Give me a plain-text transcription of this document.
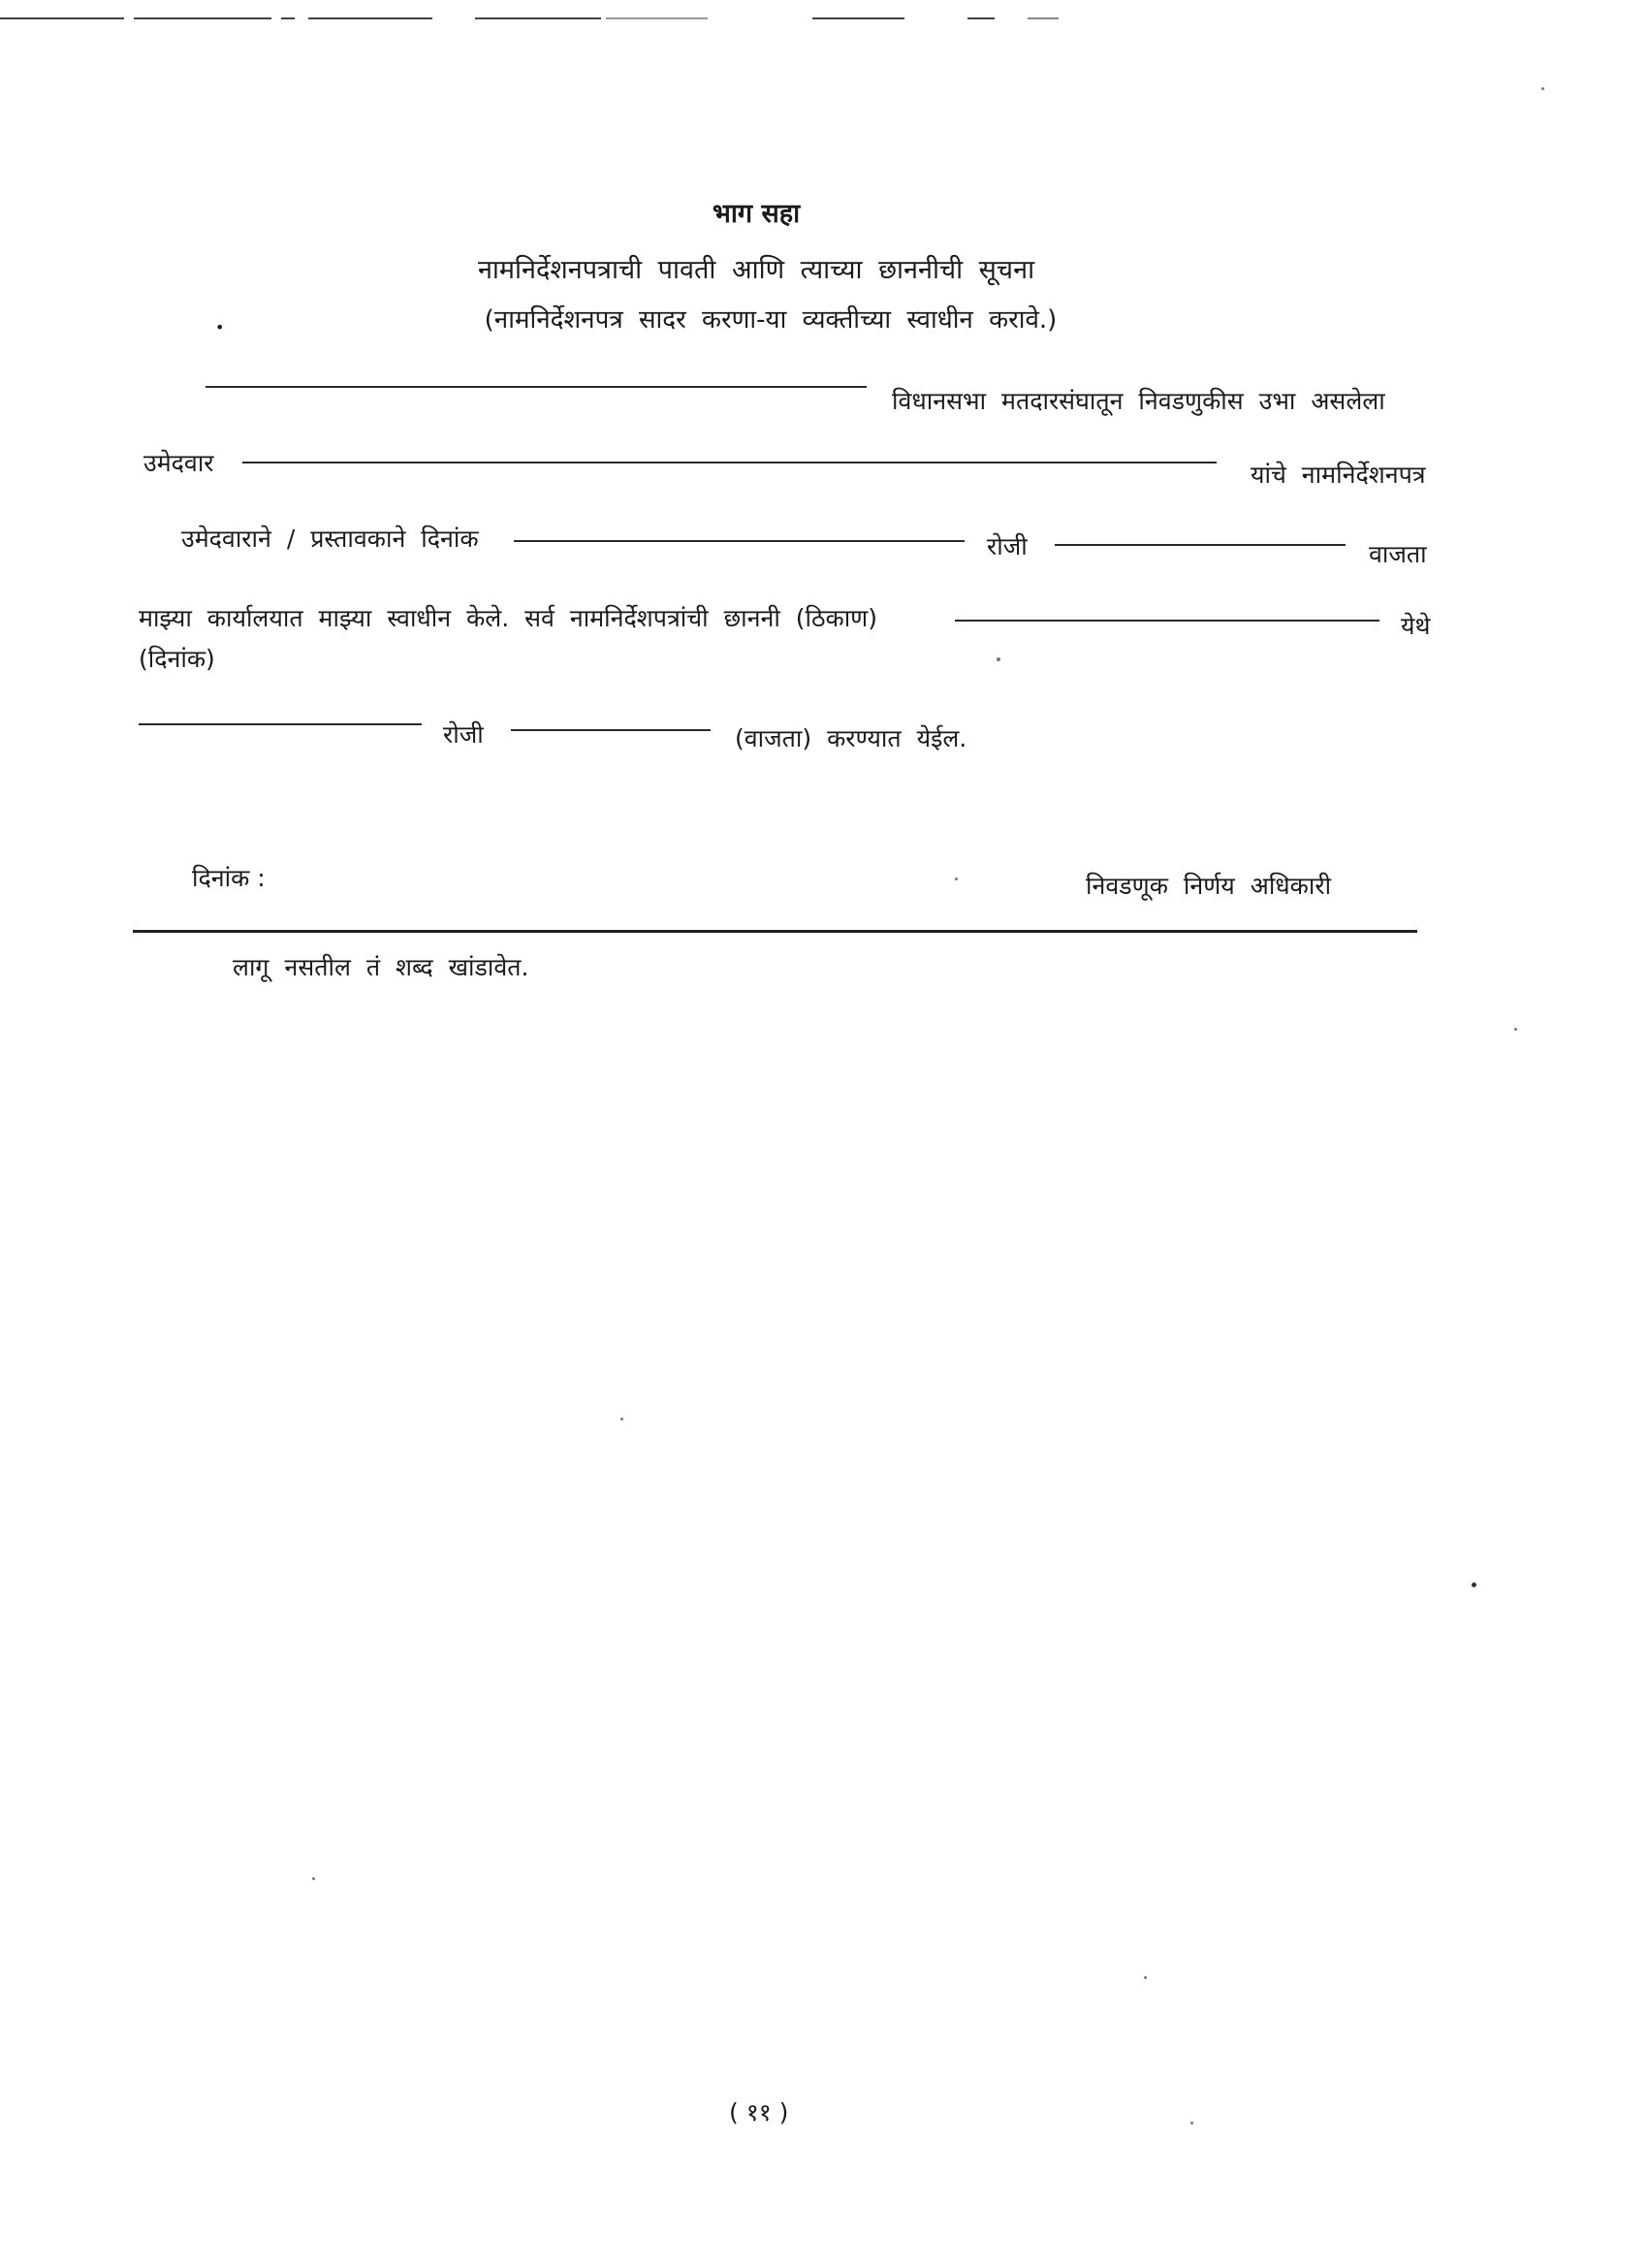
भाग सहा
नामनिर्देशनपत्राची पावती आणि त्याच्या छाननीची सूचना
•	(नामनिर्देशनपत्र सादर करणा-या व्यक्तीच्या स्वाधीन करावे.)
विधानसभा मतदारसंघातून निवडणुकीस उभा असलेला
उमेदवार	यांचे नामनिर्देशनपत्र
उमेदवाराने / प्रस्तावकाने दिनांक	रोजी	वाजता
माझ्या कार्यालयात माझ्या स्वाधीन केले. सर्व नामनिर्देशपत्रांची छाननी (ठिकाण)	येथे
(दिनांक)
रोजी	(वाजता) करण्यात येईल.
दिनांक :	निवडणूक निर्णय अधिकारी
लागू नसतील तं शब्द खांडावेत.
( ११ )
